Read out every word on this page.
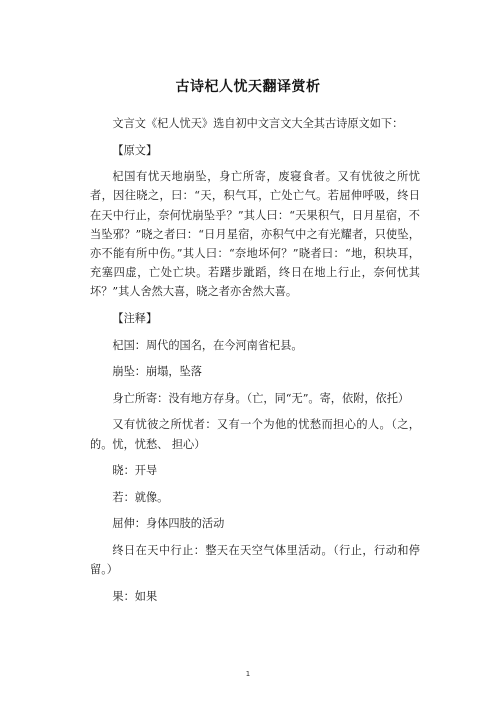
古诗杞人忧天翻译赏析

文言文《杞人忧天》选自初中文言文大全其古诗原文如下：

【原文】

杞国有忧天地崩坠，身亡所寄，废寝食者。又有忧彼之所忧者，因往晓之，曰：“天，积气耳，亡处亡气。若屈伸呼吸，终日在天中行止，奈何忧崩坠乎？”其人曰：“天果积气，日月星宿，不当坠邪？”晓之者曰：“日月星宿，亦积气中之有光耀者，只使坠，亦不能有所中伤。”其人曰：“奈地坏何？”晓者曰：“地，积块耳，充塞四虚，亡处亡块。若躇步跐蹈，终日在地上行止，奈何忧其坏？”其人舍然大喜，晓之者亦舍然大喜。

【注释】

杞国：周代的国名，在今河南省杞县。

崩坠：崩塌，坠落

身亡所寄：没有地方存身。（亡，同“无”。寄，依附，依托）

又有忧彼之所忧者：又有一个为他的忧愁而担心的人。（之，的。忧，忧愁、 担心）

晓：开导

若：就像。

屈伸：身体四肢的活动

终日在天中行止：整天在天空气体里活动。（行止，行动和停留。）

果：如果

1
